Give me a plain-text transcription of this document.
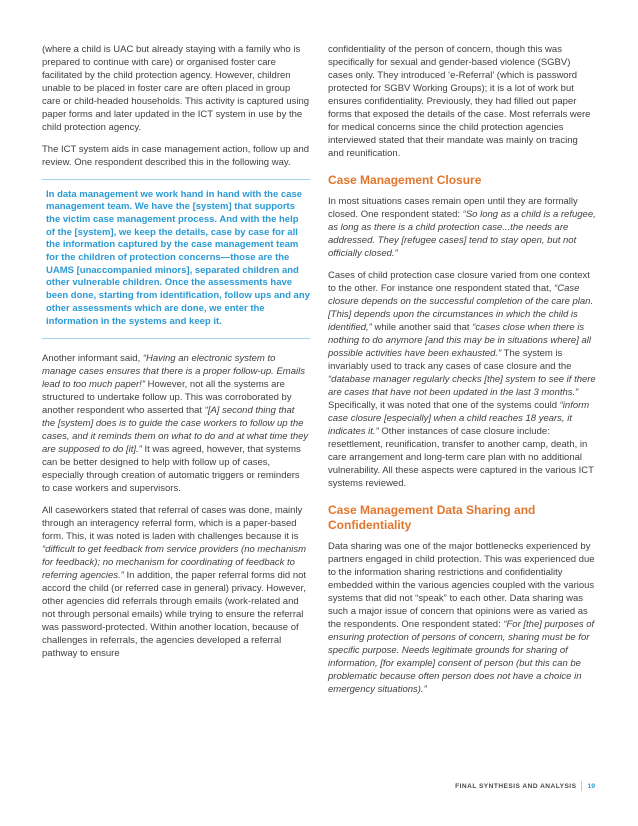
(where a child is UAC but already staying with a family who is prepared to continue with care) or organised foster care facilitated by the child protection agency. However, children unable to be placed in foster care are often placed in group care or child-headed households. This activity is captured using paper forms and later updated in the ICT system in use by the child protection agency.

The ICT system aids in case management action, follow up and review. One respondent described this in the following way.

In data management we work hand in hand with the case management team. We have the [system] that supports the victim case management process. And with the help of the [system], we keep the details, case by case for all the information captured by the case management team for the children of protection concerns—those are the UAMS [unaccompanied minors], separated children and other vulnerable children. Once the assessments have been done, starting from identification, follow ups and any other assessments which are done, we enter the information in the systems and keep it.

Another informant said, “Having an electronic system to manage cases ensures that there is a proper follow-up. Emails lead to too much paper!” However, not all the systems are structured to undertake follow up. This was corroborated by another respondent who asserted that “[A] second thing that the [system] does is to guide the case workers to follow up the cases, and it reminds them on what to do and at what time they are supposed to do [it].” It was agreed, however, that systems can be better designed to help with follow up of cases, especially through creation of automatic triggers or reminders to case workers and supervisors.

All caseworkers stated that referral of cases was done, mainly through an interagency referral form, which is a paper-based form. This, it was noted is laden with challenges because it is “difficult to get feedback from service providers (no mechanism for feedback); no mechanism for coordinating of feedback to referring agencies.” In addition, the paper referral forms did not accord the child (or referred case in general) privacy. However, other agencies did referrals through emails (work-related and not through personal emails) while trying to ensure the referral was password-protected. Within another location, because of challenges in referrals, the agencies developed a referral pathway to ensure

confidentiality of the person of concern, though this was specifically for sexual and gender-based violence (SGBV) cases only. They introduced ‘e-Referral’ (which is password protected for SGBV Working Groups); it is a lot of work but ensures confidentiality. Previously, they had filled out paper forms that exposed the details of the case. Most referrals were for medical concerns since the child protection agencies interviewed stated that their mandate was mainly on tracing and reunification.

Case Management Closure

In most situations cases remain open until they are formally closed. One respondent stated: “So long as a child is a refugee, as long as there is a child protection case...the needs are addressed. They [refugee cases] tend to stay open, but not officially closed.”

Cases of child protection case closure varied from one context to the other. For instance one respondent stated that, “Case closure depends on the successful completion of the care plan. [This] depends upon the circumstances in which the child is identified,” while another said that “cases close when there is nothing to do anymore [and this may be in situations where] all possible activities have been exhausted.” The system is invariably used to track any cases of case closure and the “database manager regularly checks [the] system to see if there are cases that have not been updated in the last 3 months.” Specifically, it was noted that one of the systems could “inform case closure [especially] when a child reaches 18 years, it indicates it.” Other instances of case closure include: resettlement, reunification, transfer to another camp, death, in care arrangement and long-term care plan with no additional vulnerability. All these aspects were captured in the various ICT systems reviewed.

Case Management Data Sharing and Confidentiality

Data sharing was one of the major bottlenecks experienced by partners engaged in child protection. This was experienced due to the information sharing restrictions and confidentiality embedded within the various agencies coupled with the various systems that did not “speak” to each other. Data sharing was such a major issue of concern that opinions were as varied as the respondents. One respondent stated: “For [the] purposes of ensuring protection of persons of concern, sharing must be for specific purpose. Needs legitimate grounds for sharing of information, [for example] consent of person (but this can be problematic because often person does not have a choice in emergency situations).”

FINAL SYNTHESIS AND ANALYSIS 19
